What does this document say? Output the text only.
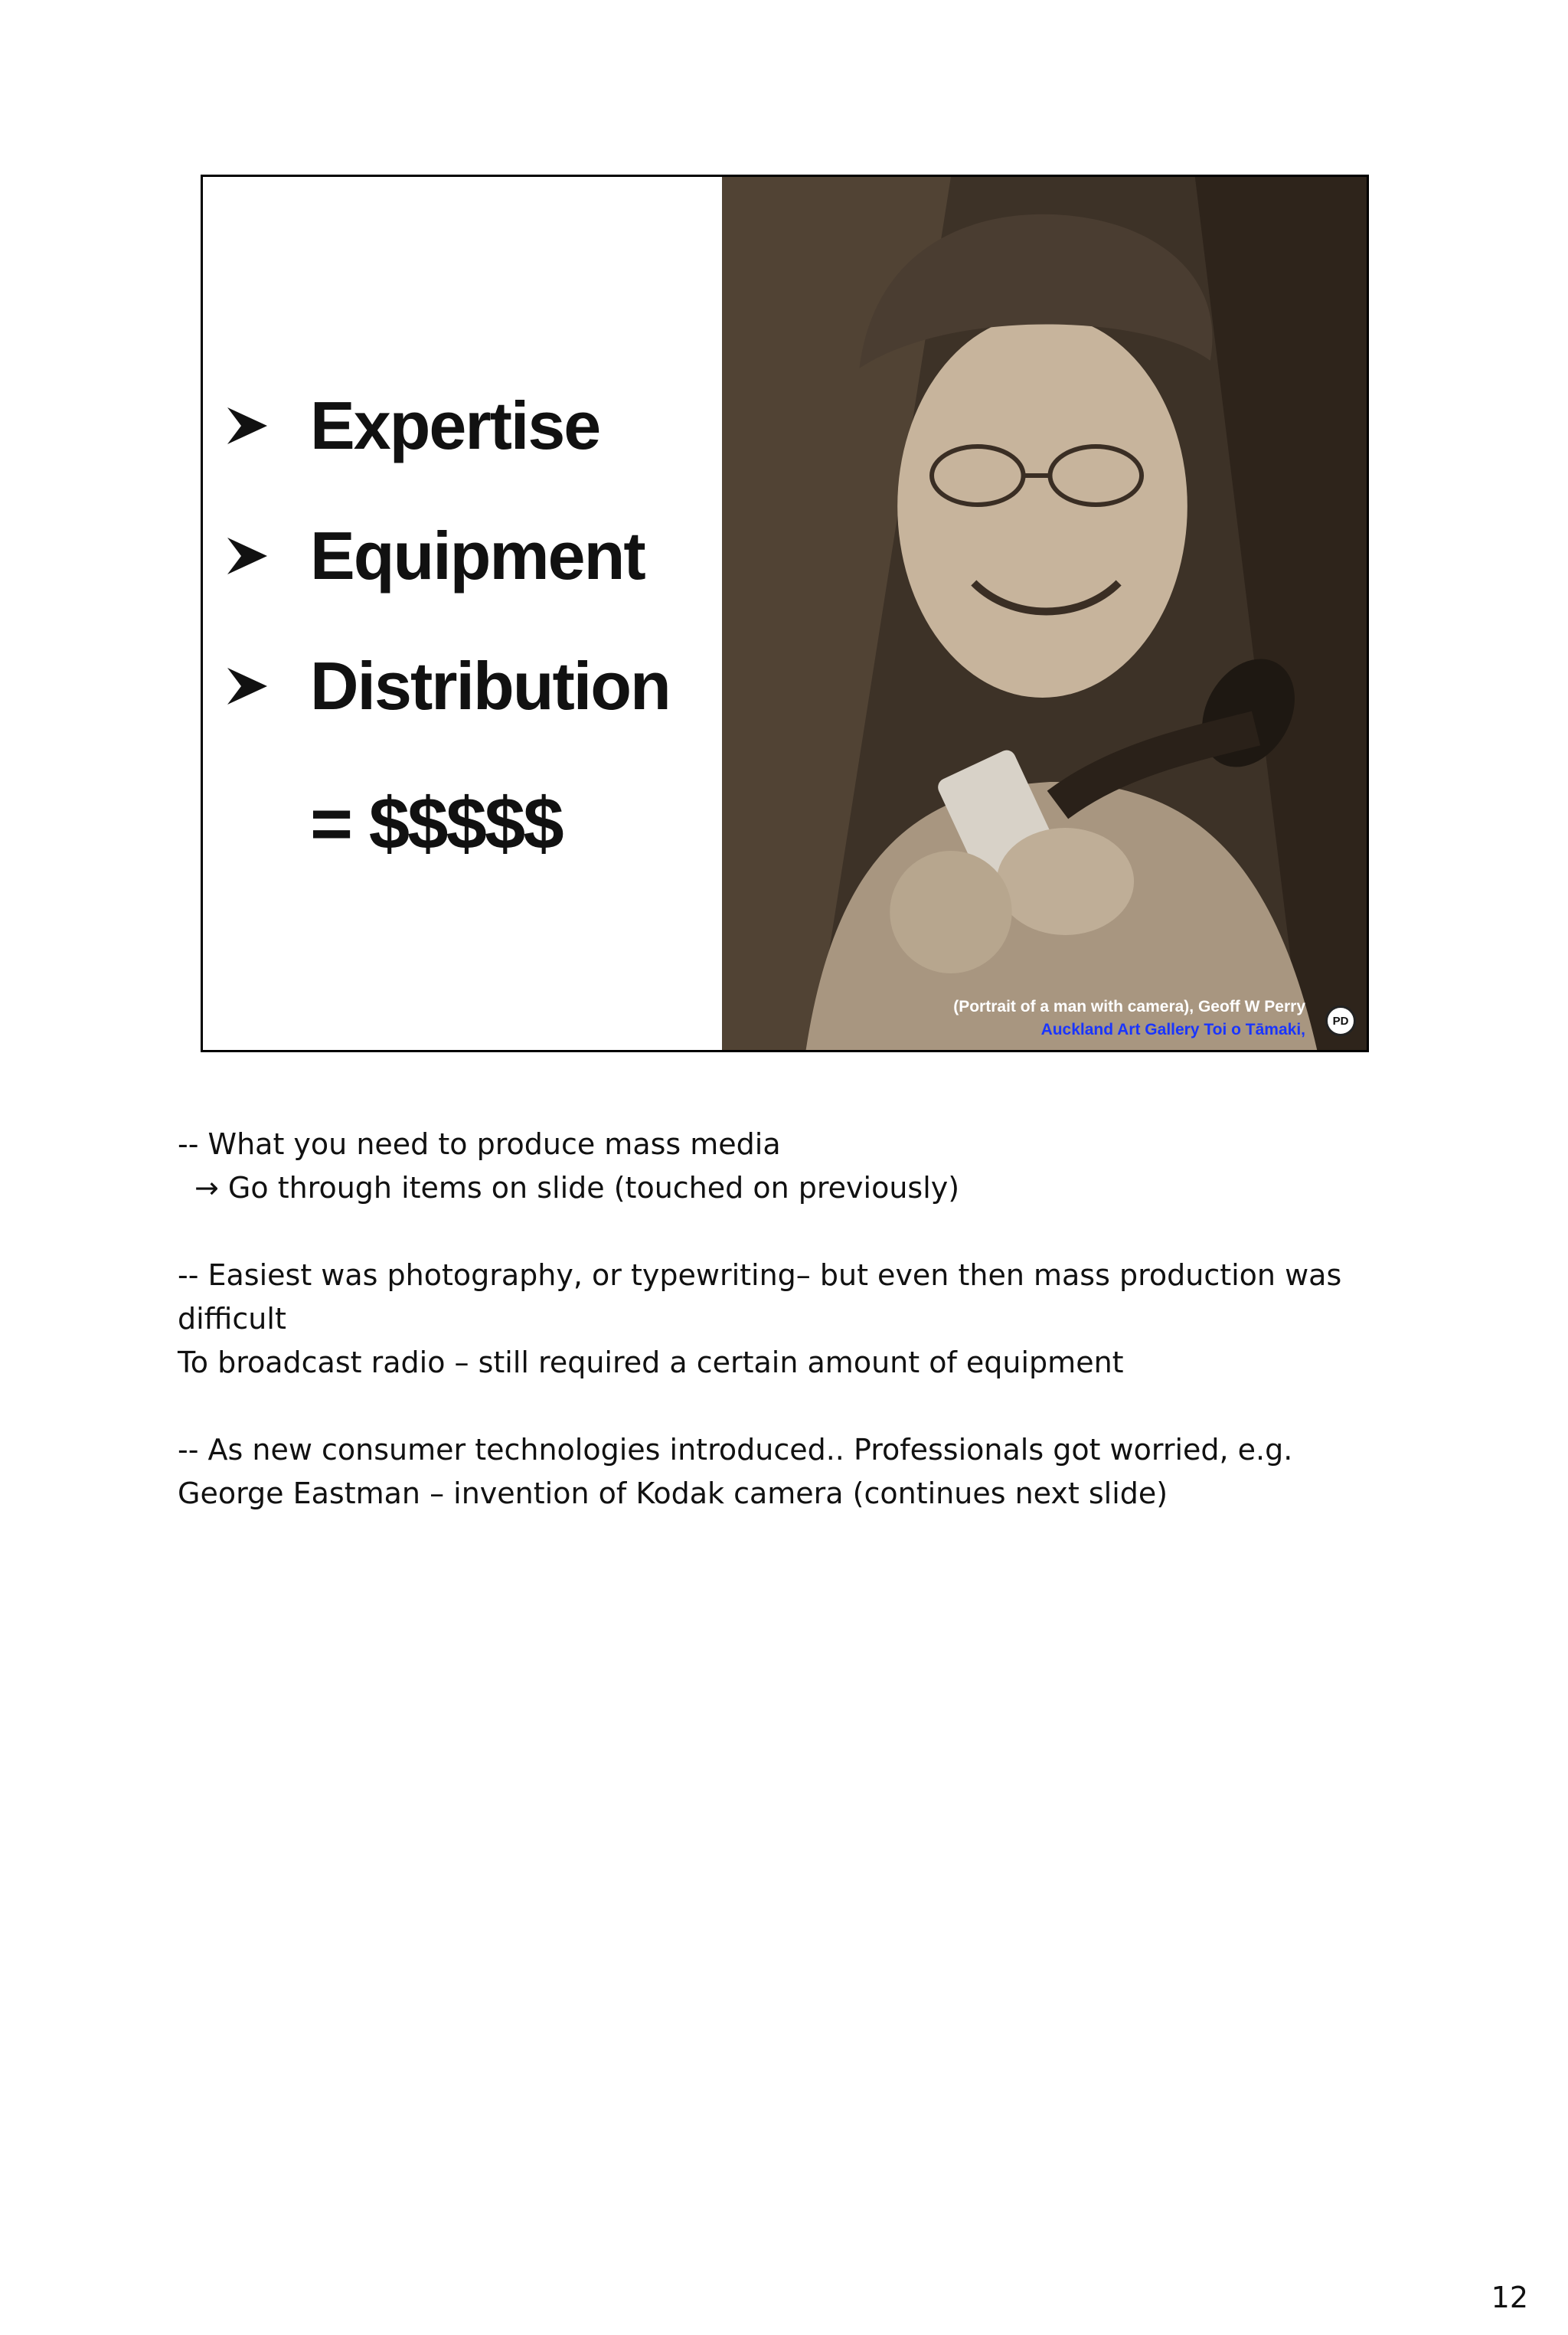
Expertise
Equipment
Distribution
= $$$$$
(Portrait of a man with camera), Geoff W Perry
Auckland Art Gallery Toi o Tāmaki,	PD

-- What you need to produce mass media

→ Go through items on slide (touched on previously)

-- Easiest was photography, or typewriting– but even then mass production was

difficult

To broadcast radio – still required a certain amount of equipment

-- As new consumer technologies introduced.. Professionals got worried, e.g.

George Eastman – invention of Kodak camera (continues next slide)

12
